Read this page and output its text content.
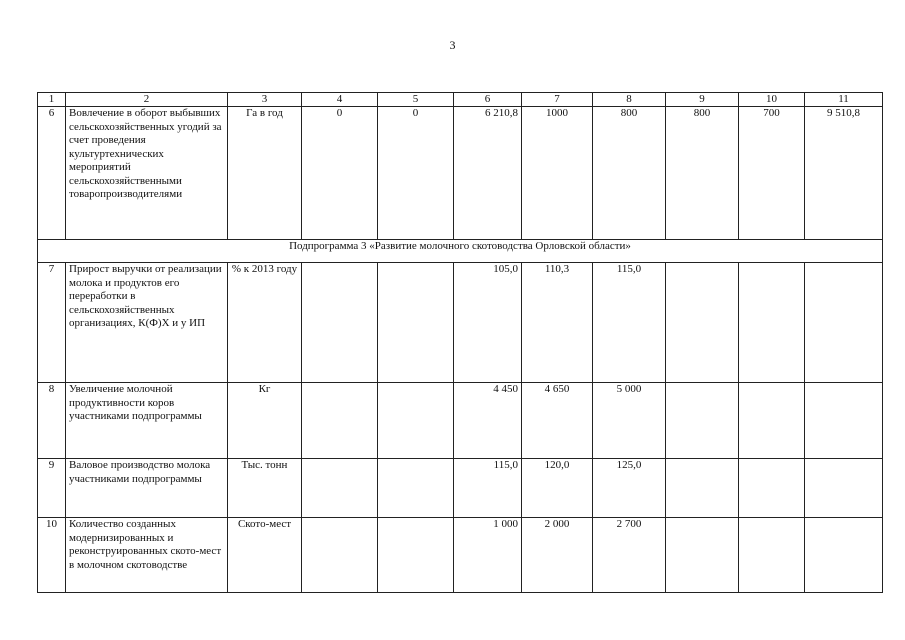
3
1	2	3	4	5	6	7	8	9	10	11
6	Вовлечение в оборот выбывших сельскохозяйственных угодий за счет проведения культуртехнических мероприятий сельскохозяйственными товаропроизводителями	Га в год	0	0	6 210,8	1000	800	800	700	9 510,8
Подпрограмма 3 «Развитие молочного скотоводства Орловской области»										
7	Прирост выручки от реализации молока и продуктов его переработки в сельскохозяйственных организациях, К(Ф)Х и у ИП	% к 2013 году			105,0	110,3	115,0			
8	Увеличение молочной продуктивности коров участниками подпрограммы	Кг			4 450	4 650	5 000			
9	Валовое производство молока участниками подпрограммы	Тыс. тонн			115,0	120,0	125,0			
10	Количество созданных модернизированных и реконструированных ското-мест в молочном скотоводстве	Ското-мест			1 000	2 000	2 700			
